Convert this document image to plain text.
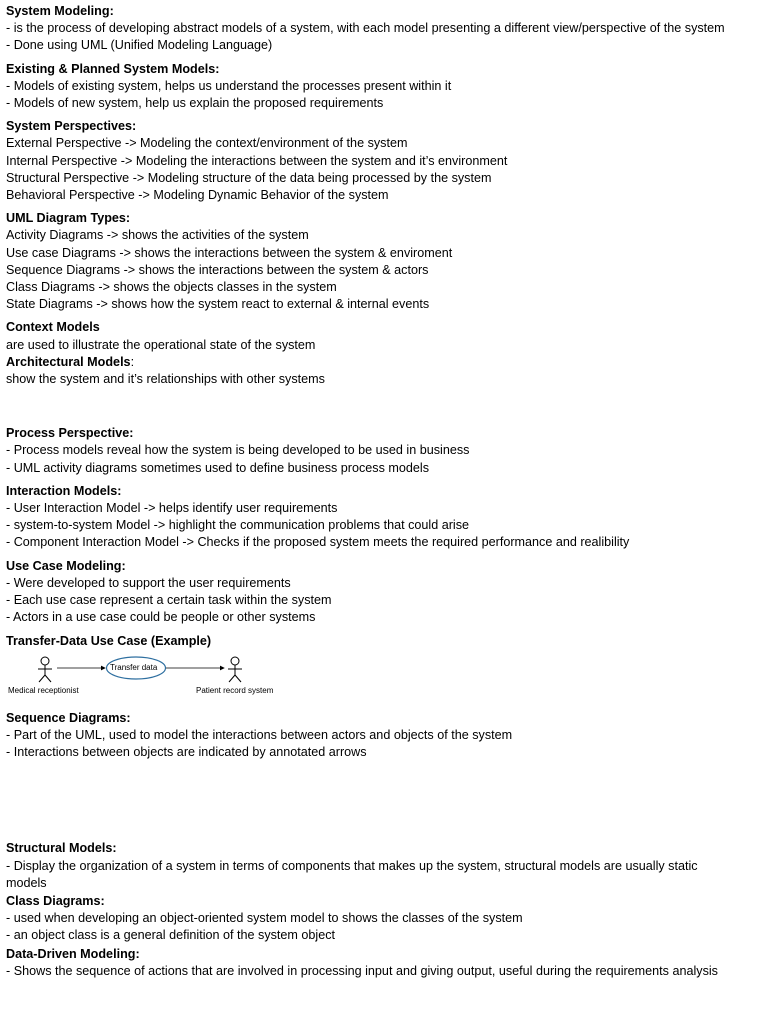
System Modeling:
- is the process of developing abstract models of a system, with each model presenting a different view/perspective of the system
- Done using UML (Unified Modeling Language)
Existing & Planned System Models:
- Models of existing system, helps us understand the processes present within it
- Models of new system, help us explain the proposed requirements
System Perspectives:
External Perspective -> Modeling the context/environment of the system
Internal Perspective -> Modeling the interactions between the system and it’s environment
Structural Perspective -> Modeling structure of the data being processed by the system
Behavioral Perspective -> Modeling Dynamic Behavior of the system
UML Diagram Types:
Activity Diagrams -> shows the activities of the system
Use case Diagrams -> shows the interactions between the system & enviroment
Sequence Diagrams -> shows the interactions between the system & actors
Class Diagrams -> shows the objects classes in the system
State Diagrams -> shows how the system react to external & internal events
Context Models
are used to illustrate the operational state of the system
Architectural Models:
show the system and it’s relationships with other systems
Process Perspective:
- Process models reveal how the system is being developed to be used in business
- UML activity diagrams sometimes used to define business process models
Interaction Models:
- User Interaction Model -> helps identify user requirements
- system-to-system Model -> highlight the communication problems that could arise
- Component Interaction Model -> Checks if the proposed system meets the required performance and realibility
Use Case Modeling:
- Were developed to support the user requirements
- Each use case represent a certain task within the system
- Actors in a use case could be people or other systems
Transfer-Data Use Case (Example)
Transfer data
Medical receptionist	Patient record system
Sequence Diagrams:
- Part of the UML, used to model the interactions between actors and objects of the system
- Interactions between objects are indicated by annotated arrows
Structural Models:
- Display the organization of a system in terms of components that makes up the system, structural models are usually static models
Class Diagrams:
- used when developing an object-oriented system model to shows the classes of the system
- an object class is a general definition of the system object
Data-Driven Modeling:
- Shows the sequence of actions that are involved in processing input and giving output, useful during the requirements analysis
